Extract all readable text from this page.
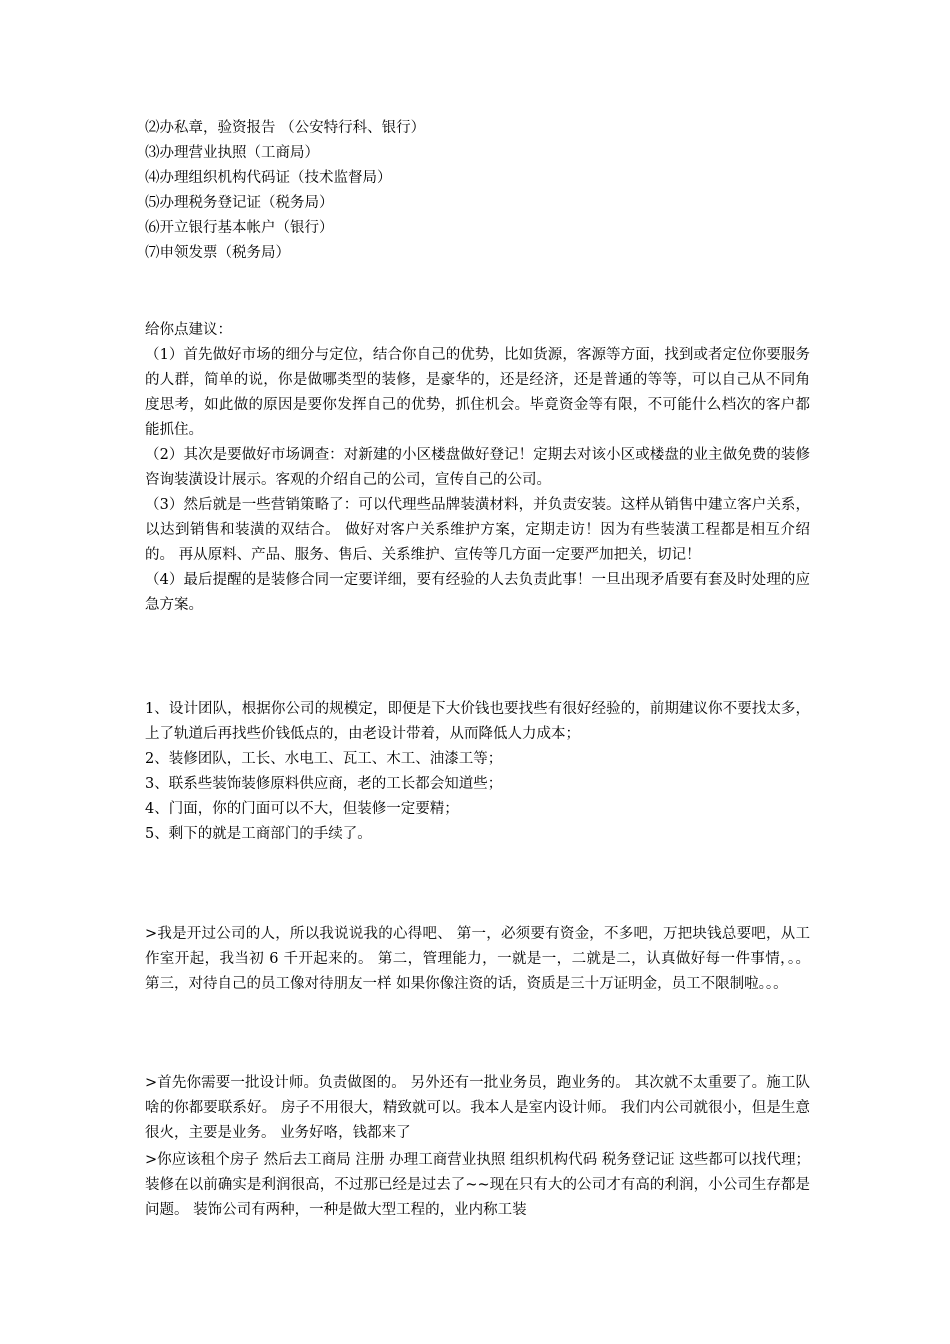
⑵办私章，验资报告 （公安特行科、银行）
⑶办理营业执照（工商局）
⑷办理组织机构代码证（技术监督局）
⑸办理税务登记证（税务局）
⑹开立银行基本帐户（银行）
⑺申领发票（税务局）

给你点建议：

（1）首先做好市场的细分与定位，结合你自己的优势，比如货源，客源等方面，找到或者定位你要服务的人群，简单的说，你是做哪类型的装修，是豪华的，还是经济，还是普通的等等，可以自己从不同角度思考，如此做的原因是要你发挥自己的优势，抓住机会。毕竟资金等有限，不可能什么档次的客户都能抓住。

（2）其次是要做好市场调查：对新建的小区楼盘做好登记！定期去对该小区或楼盘的业主做免费的装修咨询装潢设计展示。客观的介绍自己的公司，宣传自己的公司。

（3）然后就是一些营销策略了：可以代理些品牌装潢材料，并负责安装。这样从销售中建立客户关系，以达到销售和装潢的双结合。 做好对客户关系维护方案，定期走访！因为有些装潢工程都是相互介绍的。 再从原料、产品、服务、售后、关系维护、宣传等几方面一定要严加把关，切记！

（4）最后提醒的是装修合同一定要详细，要有经验的人去负责此事！一旦出现矛盾要有套及时处理的应急方案。

1、设计团队，根据你公司的规模定，即便是下大价钱也要找些有很好经验的，前期建议你不要找太多，上了轨道后再找些价钱低点的，由老设计带着，从而降低人力成本；

2、装修团队，工长、水电工、瓦工、木工、油漆工等；

3、联系些装饰装修原料供应商，老的工长都会知道些；

4、门面，你的门面可以不大，但装修一定要精；

5、剩下的就是工商部门的手续了。

>我是开过公司的人，所以我说说我的心得吧、 第一，必须要有资金，不多吧，万把块钱总要吧，从工作室开起，我当初 6 千开起来的。 第二，管理能力，一就是一，二就是二，认真做好每一件事情，。。 第三，对待自己的员工像对待朋友一样 如果你像注资的话，资质是三十万证明金，员工不限制啦。。。

>首先你需要一批设计师。负责做图的。 另外还有一批业务员，跑业务的。 其次就不太重要了。施工队啥的你都要联系好。 房子不用很大，精致就可以。我本人是室内设计师。 我们内公司就很小，但是生意很火，主要是业务。 业务好咯，钱都来了

>你应该租个房子 然后去工商局 注册 办理工商营业执照 组织机构代码 税务登记证 这些都可以找代理； 装修在以前确实是利润很高，不过那已经是过去了~~现在只有大的公司才有高的利润，小公司生存都是问题。 装饰公司有两种，一种是做大型工程的，业内称工装
